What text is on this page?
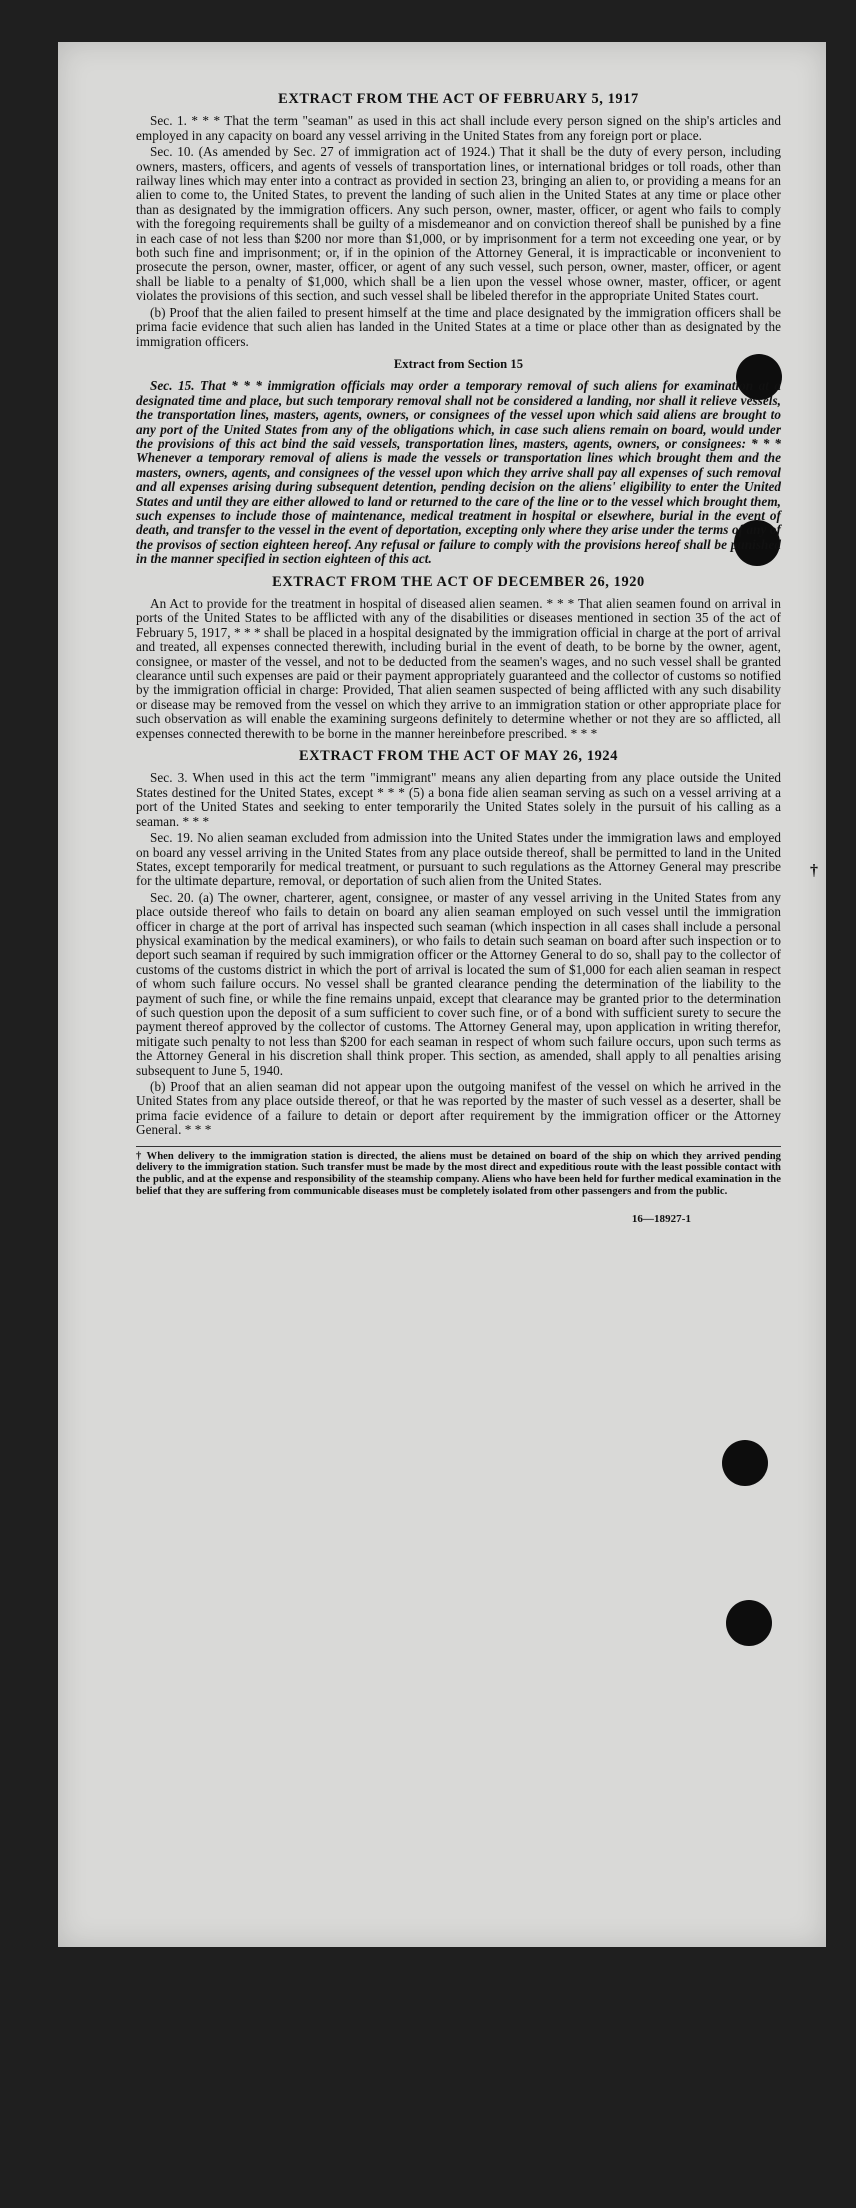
†
EXTRACT FROM THE ACT OF FEBRUARY 5, 1917

Sec. 1. * * * That the term "seaman" as used in this act shall include every person signed on the ship's articles and employed in any capacity on board any vessel arriving in the United States from any foreign port or place.

Sec. 10. (As amended by Sec. 27 of immigration act of 1924.) That it shall be the duty of every person, including owners, masters, officers, and agents of vessels of transportation lines, or international bridges or toll roads, other than railway lines which may enter into a contract as provided in section 23, bringing an alien to, or providing a means for an alien to come to, the United States, to prevent the landing of such alien in the United States at any time or place other than as designated by the immigration officers. Any such person, owner, master, officer, or agent who fails to comply with the foregoing requirements shall be guilty of a misdemeanor and on conviction thereof shall be punished by a fine in each case of not less than $200 nor more than $1,000, or by imprisonment for a term not exceeding one year, or by both such fine and imprisonment; or, if in the opinion of the Attorney General, it is impracticable or inconvenient to prosecute the person, owner, master, officer, or agent of any such vessel, such person, owner, master, officer, or agent shall be liable to a penalty of $1,000, which shall be a lien upon the vessel whose owner, master, officer, or agent violates the provisions of this section, and such vessel shall be libeled therefor in the appropriate United States court.

(b) Proof that the alien failed to present himself at the time and place designated by the immigration officers shall be prima facie evidence that such alien has landed in the United States at a time or place other than as designated by the immigration officers.

Extract from Section 15

Sec. 15. That * * * immigration officials may order a temporary removal of such aliens for examination at a designated time and place, but such temporary removal shall not be considered a landing, nor shall it relieve vessels, the transportation lines, masters, agents, owners, or consignees of the vessel upon which said aliens are brought to any port of the United States from any of the obligations which, in case such aliens remain on board, would under the provisions of this act bind the said vessels, transportation lines, masters, agents, owners, or consignees: * * * Whenever a temporary removal of aliens is made the vessels or transportation lines which brought them and the masters, owners, agents, and consignees of the vessel upon which they arrive shall pay all expenses of such removal and all expenses arising during subsequent detention, pending decision on the aliens' eligibility to enter the United States and until they are either allowed to land or returned to the care of the line or to the vessel which brought them, such expenses to include those of maintenance, medical treatment in hospital or elsewhere, burial in the event of death, and transfer to the vessel in the event of deportation, excepting only where they arise under the terms of any of the provisos of section eighteen hereof. Any refusal or failure to comply with the provisions hereof shall be punished in the manner specified in section eighteen of this act.

EXTRACT FROM THE ACT OF DECEMBER 26, 1920

An Act to provide for the treatment in hospital of diseased alien seamen. * * * That alien seamen found on arrival in ports of the United States to be afflicted with any of the disabilities or diseases mentioned in section 35 of the act of February 5, 1917, * * * shall be placed in a hospital designated by the immigration official in charge at the port of arrival and treated, all expenses connected therewith, including burial in the event of death, to be borne by the owner, agent, consignee, or master of the vessel, and not to be deducted from the seamen's wages, and no such vessel shall be granted clearance until such expenses are paid or their payment appropriately guaranteed and the collector of customs so notified by the immigration official in charge: Provided, That alien seamen suspected of being afflicted with any such disability or disease may be removed from the vessel on which they arrive to an immigration station or other appropriate place for such observation as will enable the examining surgeons definitely to determine whether or not they are so afflicted, all expenses connected therewith to be borne in the manner hereinbefore prescribed. * * *

EXTRACT FROM THE ACT OF MAY 26, 1924

Sec. 3. When used in this act the term "immigrant" means any alien departing from any place outside the United States destined for the United States, except * * * (5) a bona fide alien seaman serving as such on a vessel arriving at a port of the United States and seeking to enter temporarily the United States solely in the pursuit of his calling as a seaman. * * *

Sec. 19. No alien seaman excluded from admission into the United States under the immigration laws and employed on board any vessel arriving in the United States from any place outside thereof, shall be permitted to land in the United States, except temporarily for medical treatment, or pursuant to such regulations as the Attorney General may prescribe for the ultimate departure, removal, or deportation of such alien from the United States.

Sec. 20. (a) The owner, charterer, agent, consignee, or master of any vessel arriving in the United States from any place outside thereof who fails to detain on board any alien seaman employed on such vessel until the immigration officer in charge at the port of arrival has inspected such seaman (which inspection in all cases shall include a personal physical examination by the medical examiners), or who fails to detain such seaman on board after such inspection or to deport such seaman if required by such immigration officer or the Attorney General to do so, shall pay to the collector of customs of the customs district in which the port of arrival is located the sum of $1,000 for each alien seaman in respect of whom such failure occurs. No vessel shall be granted clearance pending the determination of the liability to the payment of such fine, or while the fine remains unpaid, except that clearance may be granted prior to the determination of such question upon the deposit of a sum sufficient to cover such fine, or of a bond with sufficient surety to secure the payment thereof approved by the collector of customs. The Attorney General may, upon application in writing therefor, mitigate such penalty to not less than $200 for each seaman in respect of whom such failure occurs, upon such terms as the Attorney General in his discretion shall think proper. This section, as amended, shall apply to all penalties arising subsequent to June 5, 1940.

(b) Proof that an alien seaman did not appear upon the outgoing manifest of the vessel on which he arrived in the United States from any place outside thereof, or that he was reported by the master of such vessel as a deserter, shall be prima facie evidence of a failure to detain or deport after requirement by the immigration officer or the Attorney General. * * *

† When delivery to the immigration station is directed, the aliens must be detained on board of the ship on which they arrived pending delivery to the immigration station. Such transfer must be made by the most direct and expeditious route with the least possible contact with the public, and at the expense and responsibility of the steamship company. Aliens who have been held for further medical examination in the belief that they are suffering from communicable diseases must be completely isolated from other passengers and from the public.
16—18927-1
